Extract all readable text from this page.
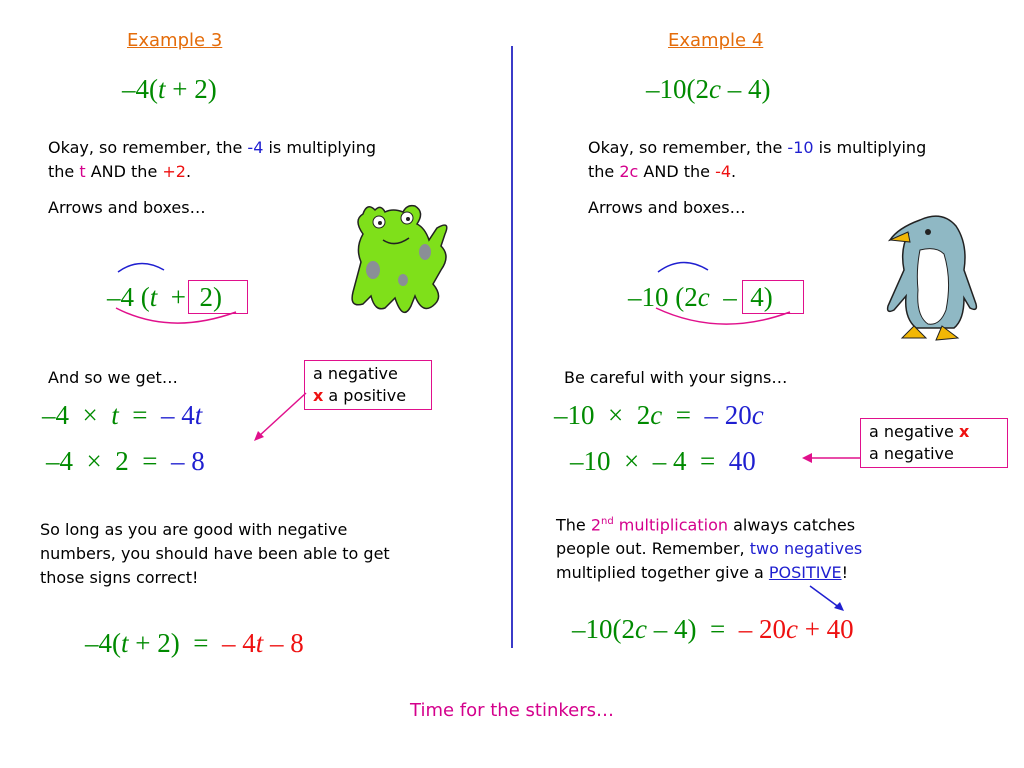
Example 3
–4(t + 2)
Okay, so remember, the -4 is multiplying
the t AND the +2.
Arrows and boxes…
–4 (t  +  2)
And so we get…
–4  ×  t  =  – 4t
–4  ×  2  =  – 8
a negative
x a positive
So long as you are good with negative
numbers, you should have been able to get
those signs correct!
–4(t + 2)  =  – 4t – 8
Example 4
–10(2c – 4)
Okay, so remember, the -10 is multiplying
the 2c AND the -4.
Arrows and boxes…
–10 (2c  –  4)
Be careful with your signs…
–10  ×  2c  =  – 20c
–10  ×  – 4  =  40
a negative x
a negative
The 2nd multiplication always catches
people out. Remember, two negatives
multiplied together give a POSITIVE!
–10(2c – 4)  =  – 20c + 40
Time for the stinkers…
